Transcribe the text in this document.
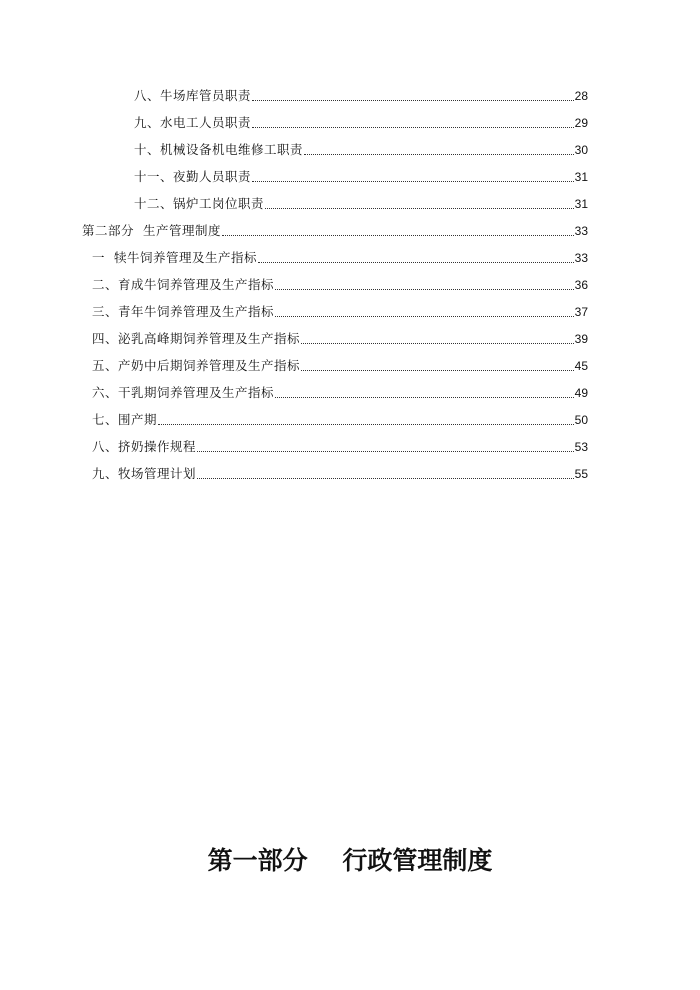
八、牛场库管员职责	28
九、水电工人员职责	29
十、机械设备机电维修工职责	30
十一、夜勤人员职责	31
十二、锅炉工岗位职责	31
第二部分  生产管理制度	33
一  犊牛饲养管理及生产指标	33
二、育成牛饲养管理及生产指标	36
三、青年牛饲养管理及生产指标	37
四、泌乳高峰期饲养管理及生产指标	39
五、产奶中后期饲养管理及生产指标	45
六、干乳期饲养管理及生产指标	49
七、围产期	50
八、挤奶操作规程	53
九、牧场管理计划	55
第一部分    行政管理制度
